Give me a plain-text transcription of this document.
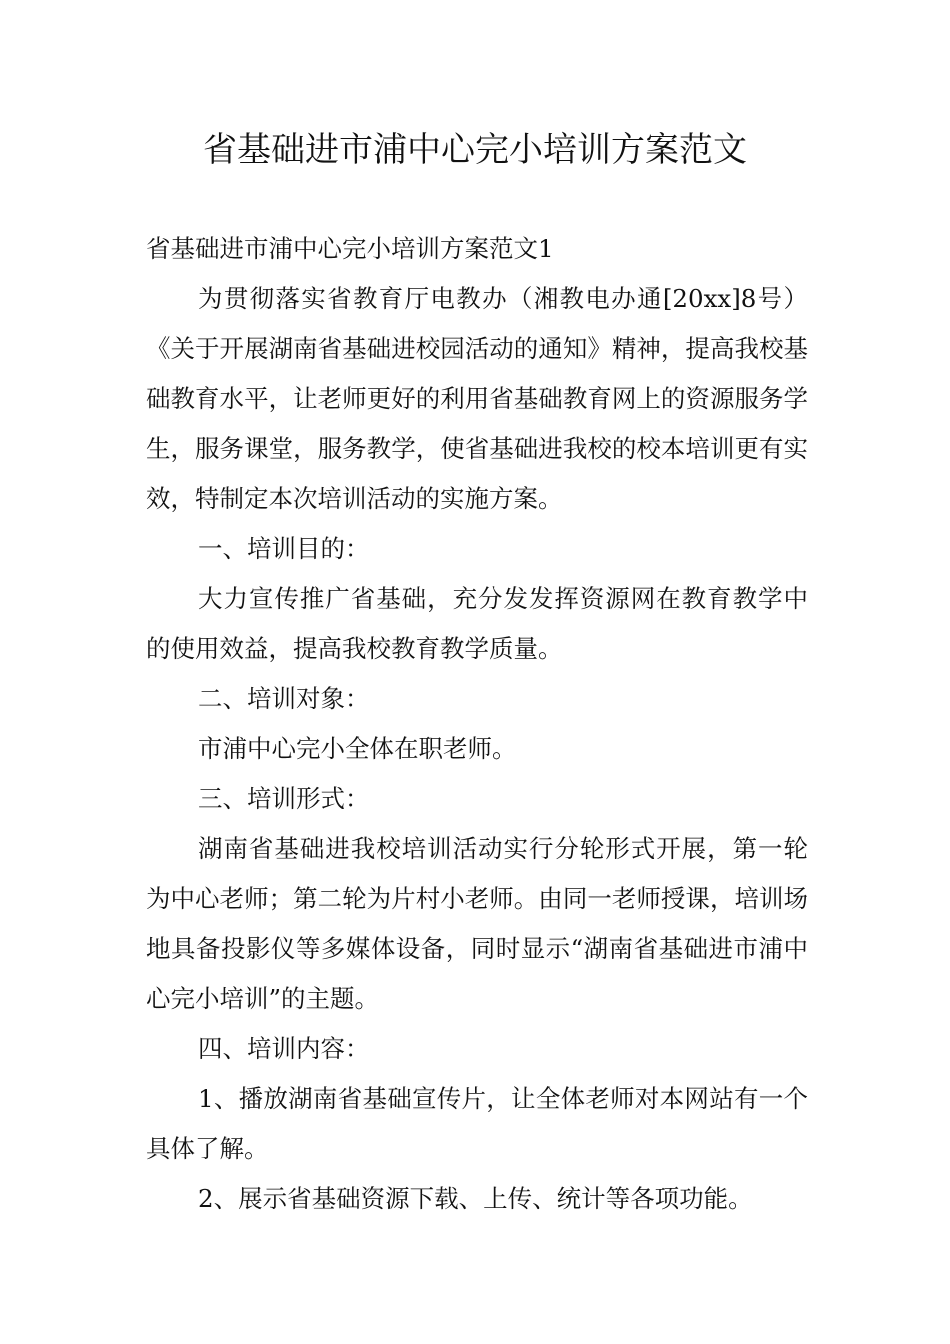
省基础进市浦中心完小培训方案范文

省基础进市浦中心完小培训方案范文1

为贯彻落实省教育厅电教办（湘教电办通[20xx]8号）《关于开展湖南省基础进校园活动的通知》精神，提高我校基础教育水平，让老师更好的利用省基础教育网上的资源服务学生，服务课堂，服务教学，使省基础进我校的校本培训更有实效，特制定本次培训活动的实施方案。

一、培训目的：

大力宣传推广省基础，充分发发挥资源网在教育教学中的使用效益，提高我校教育教学质量。

二、培训对象：

市浦中心完小全体在职老师。

三、培训形式：

湖南省基础进我校培训活动实行分轮形式开展，第一轮为中心老师；第二轮为片村小老师。由同一老师授课，培训场地具备投影仪等多媒体设备，同时显示“湖南省基础进市浦中心完小培训”的主题。

四、培训内容：

1、播放湖南省基础宣传片，让全体老师对本网站有一个具体了解。

2、展示省基础资源下载、上传、统计等各项功能。
